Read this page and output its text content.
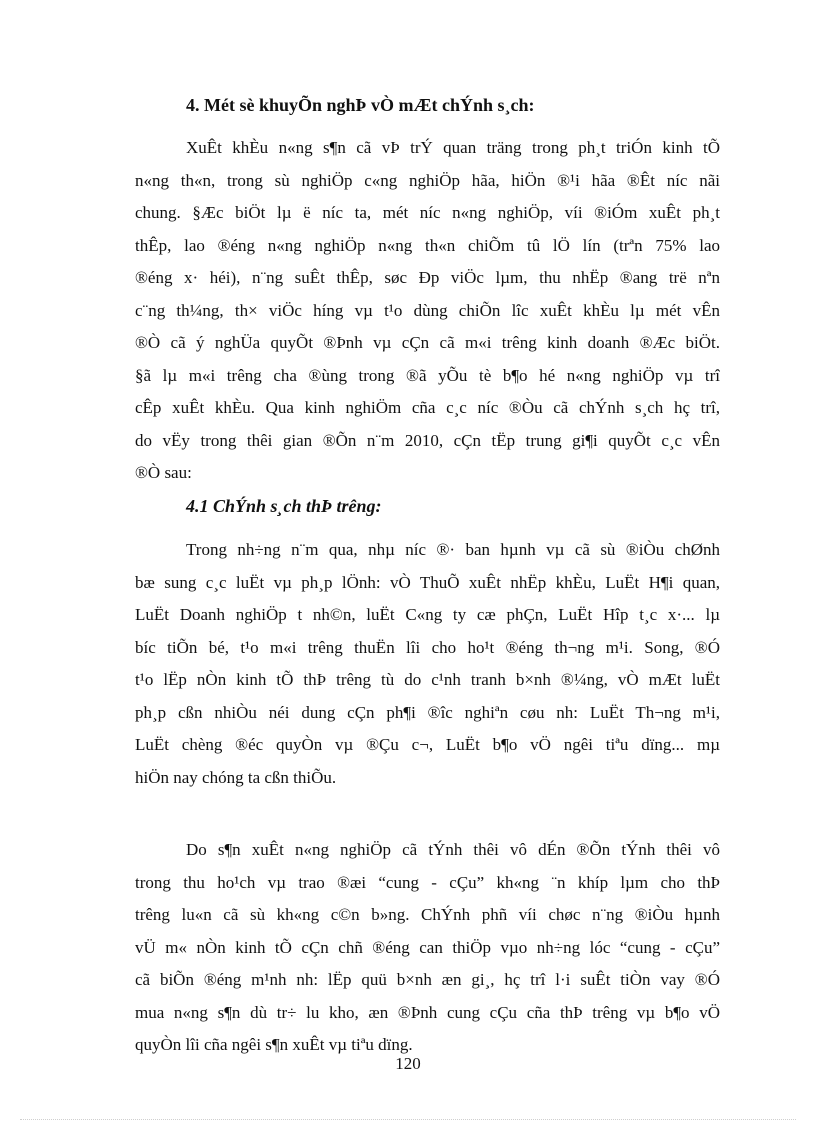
4. Mét sè khuyÕn nghÞ vÒ mÆt chÝnh s¸ch:
XuÊt khÈu n«ng s¶n cã vÞ trÝ quan träng trong ph¸t triÓn kinh tÕ
n«ng th«n, trong sù nghiÖp c«ng nghiÖp hãa, hiÖn ®¹i hãa ®Êt níc nãi
chung. §Æc biÖt lµ ë níc ta, mét níc n«ng nghiÖp, víi ®iÓm xuÊt ph¸t
thÊp, lao ®éng n«ng nghiÖp n«ng th«n chiÕm tû lÖ lín (trªn 75% lao
®éng x· héi), n¨ng suÊt thÊp, søc Ðp viÖc lµm, thu nhËp ®ang trë nªn
c¨ng th¼ng, th× viÖc híng vµ t¹o dùng chiÕn lîc xuÊt khÈu lµ mét vÊn
®Ò cã ý nghÜa quyÕt ®Þnh vµ cÇn cã m«i trêng kinh doanh ®Æc biÖt.
§ã lµ m«i trêng cha ®ùng trong ®ã yÕu tè b¶o hé n«ng nghiÖp vµ trî
cÊp xuÊt khÈu. Qua kinh nghiÖm cña c¸c níc ®Òu cã chÝnh s¸ch hç trî,
do vËy trong thêi gian ®Õn n¨m 2010, cÇn tËp trung gi¶i quyÕt c¸c vÊn
®Ò sau:
4.1 ChÝnh s¸ch thÞ trêng:
Trong nh÷ng n¨m qua, nhµ níc ®· ban hµnh vµ cã sù ®iÒu chØnh
bæ sung c¸c luËt vµ ph¸p lÖnh: vÒ ThuÕ xuÊt nhËp khÈu, LuËt H¶i quan,
LuËt Doanh nghiÖp t nh©n, luËt C«ng ty cæ phÇn, LuËt Hîp t¸c x·... lµ
bíc tiÕn bé, t¹o m«i trêng thuËn lîi cho ho¹t ®éng th¬ng m¹i. Song, ®Ó
t¹o lËp nÒn kinh tÕ thÞ trêng tù do c¹nh tranh b×nh ®¼ng, vÒ mÆt luËt
ph¸p cßn nhiÒu néi dung cÇn ph¶i ®îc nghiªn cøu nh: LuËt Th¬ng m¹i,
LuËt chèng ®éc quyÒn vµ ®Çu c¬, LuËt b¶o vÖ ngêi tiªu dïng... mµ
hiÖn nay chóng ta cßn thiÕu.
Do s¶n xuÊt n«ng nghiÖp cã tÝnh thêi vô dÉn ®Õn tÝnh thêi vô
trong thu ho¹ch vµ trao ®æi “cung - cÇu” kh«ng ¨n khíp lµm cho thÞ
trêng lu«n cã sù kh«ng c©n b»ng. ChÝnh phñ víi chøc n¨ng ®iÒu hµnh
vÜ m« nÒn kinh tÕ cÇn chñ ®éng can thiÖp vµo nh÷ng lóc “cung - cÇu”
cã biÕn ®éng m¹nh nh: lËp quü b×nh æn gi¸, hç trî l·i suÊt tiÒn vay ®Ó
mua n«ng s¶n dù tr÷ lu kho, æn ®Þnh cung cÇu cña thÞ trêng vµ b¶o vÖ
quyÒn lîi cña ngêi s¶n xuÊt vµ tiªu dïng.
120
